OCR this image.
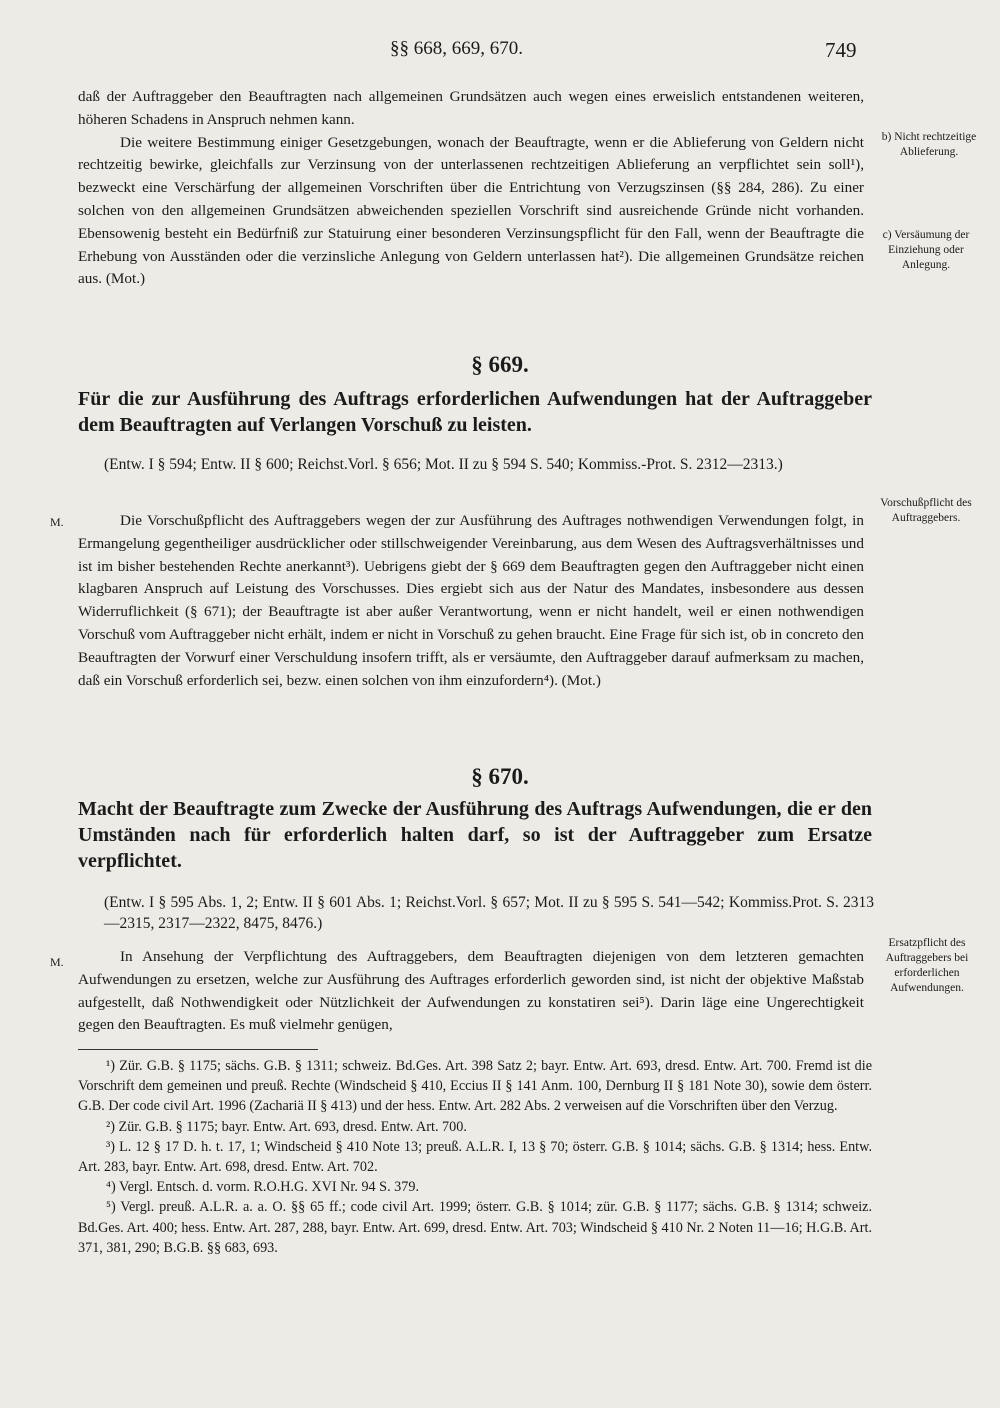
§§ 668, 669, 670.	749

daß der Auftraggeber den Beauftragten nach allgemeinen Grundsätzen auch wegen eines erweislich entstandenen weiteren, höheren Schadens in Anspruch nehmen kann.

Die weitere Bestimmung einiger Gesetzgebungen, wonach der Beauftragte, wenn er die Ablieferung von Geldern nicht rechtzeitig bewirke, gleichfalls zur Verzinsung von der unterlassenen rechtzeitigen Ablieferung an verpflichtet sein soll¹), bezweckt eine Verschärfung der allgemeinen Vorschriften über die Entrichtung von Verzugszinsen (§§ 284, 286). Zu einer solchen von den allgemeinen Grundsätzen abweichenden speziellen Vorschrift sind ausreichende Gründe nicht vorhanden. Ebensowenig besteht ein Bedürfniß zur Statuirung einer besonderen Verzinsungspflicht für den Fall, wenn der Beauftragte die Erhebung von Ausständen oder die verzinsliche Anlegung von Geldern unterlassen hat²). Die allgemeinen Grundsätze reichen aus. (Mot.)

b) Nicht rechtzeitige Ablieferung.
c) Versäumung der Einziehung oder Anlegung.
§ 669.

Für die zur Ausführung des Auftrags erforderlichen Aufwendungen hat der Auftraggeber dem Beauftragten auf Verlangen Vorschuß zu leisten.

(Entw. I § 594; Entw. II § 600; Reichst.Vorl. § 656; Mot. II zu § 594 S. 540; Kommiss.-Prot. S. 2312—2313.)

M.
Vorschußpflicht des Auftraggebers.

Die Vorschußpflicht des Auftraggebers wegen der zur Ausführung des Auftrages nothwendigen Verwendungen folgt, in Ermangelung gegentheiliger ausdrücklicher oder stillschweigender Vereinbarung, aus dem Wesen des Auftragsverhältnisses und ist im bisher bestehenden Rechte anerkannt³). Uebrigens giebt der § 669 dem Beauftragten gegen den Auftraggeber nicht einen klagbaren Anspruch auf Leistung des Vorschusses. Dies ergiebt sich aus der Natur des Mandates, insbesondere aus dessen Widerruflichkeit (§ 671); der Beauftragte ist aber außer Verantwortung, wenn er nicht handelt, weil er einen nothwendigen Vorschuß vom Auftraggeber nicht erhält, indem er nicht in Vorschuß zu gehen braucht. Eine Frage für sich ist, ob in concreto den Beauftragten der Vorwurf einer Verschuldung insofern trifft, als er versäumte, den Auftraggeber darauf aufmerksam zu machen, daß ein Vorschuß erforderlich sei, bezw. einen solchen von ihm einzufordern⁴). (Mot.)

§ 670.

Macht der Beauftragte zum Zwecke der Ausführung des Auftrags Aufwendungen, die er den Umständen nach für erforderlich halten darf, so ist der Auftraggeber zum Ersatze verpflichtet.

(Entw. I § 595 Abs. 1, 2; Entw. II § 601 Abs. 1; Reichst.Vorl. § 657; Mot. II zu § 595 S. 541—542; Kommiss.Prot. S. 2313—2315, 2317—2322, 8475, 8476.)

M.
Ersatzpflicht des Auftraggebers bei erforderlichen Aufwendungen.

In Ansehung der Verpflichtung des Auftraggebers, dem Beauftragten diejenigen von dem letzteren gemachten Aufwendungen zu ersetzen, welche zur Ausführung des Auftrages erforderlich geworden sind, ist nicht der objektive Maßstab aufgestellt, daß Nothwendigkeit oder Nützlichkeit der Aufwendungen zu konstatiren sei⁵). Darin läge eine Ungerechtigkeit gegen den Beauftragten. Es muß vielmehr genügen,

¹) Zür. G.B. § 1175; sächs. G.B. § 1311; schweiz. Bd.Ges. Art. 398 Satz 2; bayr. Entw. Art. 693, dresd. Entw. Art. 700. Fremd ist die Vorschrift dem gemeinen und preuß. Rechte (Windscheid § 410, Eccius II § 141 Anm. 100, Dernburg II § 181 Note 30), sowie dem österr. G.B. Der code civil Art. 1996 (Zachariä II § 413) und der hess. Entw. Art. 282 Abs. 2 verweisen auf die Vorschriften über den Verzug.

²) Zür. G.B. § 1175; bayr. Entw. Art. 693, dresd. Entw. Art. 700.

³) L. 12 § 17 D. h. t. 17, 1; Windscheid § 410 Note 13; preuß. A.L.R. I, 13 § 70; österr. G.B. § 1014; sächs. G.B. § 1314; hess. Entw. Art. 283, bayr. Entw. Art. 698, dresd. Entw. Art. 702.

⁴) Vergl. Entsch. d. vorm. R.O.H.G. XVI Nr. 94 S. 379.

⁵) Vergl. preuß. A.L.R. a. a. O. §§ 65 ff.; code civil Art. 1999; österr. G.B. § 1014; zür. G.B. § 1177; sächs. G.B. § 1314; schweiz. Bd.Ges. Art. 400; hess. Entw. Art. 287, 288, bayr. Entw. Art. 699, dresd. Entw. Art. 703; Windscheid § 410 Nr. 2 Noten 11—16; H.G.B. Art. 371, 381, 290; B.G.B. §§ 683, 693.
